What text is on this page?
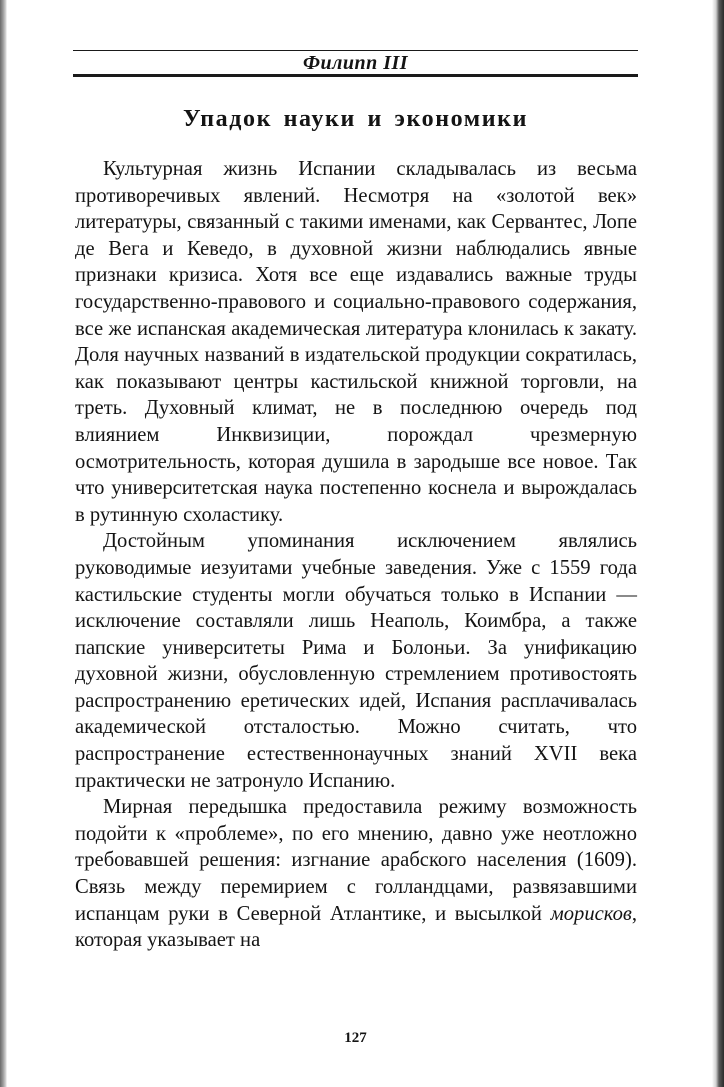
Филипп III
Упадок науки и экономики

Культурная жизнь Испании складывалась из весьма противоречивых явлений. Несмотря на «золотой век» литературы, связанный с такими именами, как Сервантес, Лопе де Вега и Кеведо, в духовной жизни наблюдались явные признаки кризиса. Хотя все еще издавались важные труды государственно-правового и социально-правового содержания, все же испанская академическая литература клонилась к закату. Доля научных названий в издательской продукции сократилась, как показывают центры кастильской книжной торговли, на треть. Духовный климат, не в последнюю очередь под влиянием Инквизиции, порождал чрезмерную осмотрительность, которая душила в зародыше все новое. Так что университетская наука постепенно коснела и вырождалась в рутинную схоластику.

Достойным упоминания исключением являлись руководимые иезуитами учебные заведения. Уже с 1559 года кастильские студенты могли обучаться только в Испании — исключение составляли лишь Неаполь, Коимбра, а также папские университеты Рима и Болоньи. За унификацию духовной жизни, обусловленную стремлением противостоять распространению еретических идей, Испания расплачивалась академической отсталостью. Можно считать, что распространение естественнонаучных знаний XVII века практически не затронуло Испанию.

Мирная передышка предоставила режиму возможность подойти к «проблеме», по его мнению, давно уже неотложно требовавшей решения: изгнание арабского населения (1609). Связь между перемирием с голландцами, развязавшими испанцам руки в Северной Атлантике, и высылкой морисков, которая указывает на

127
